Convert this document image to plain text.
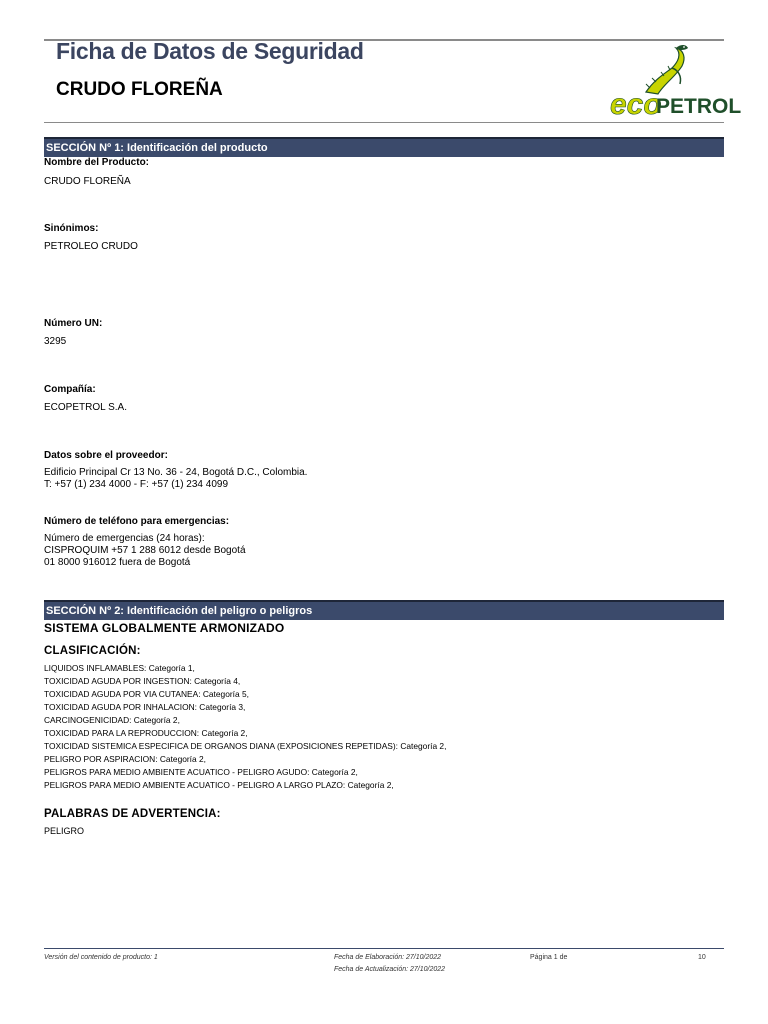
Ficha de Datos de Seguridad
CRUDO FLOREÑA	eco
PETROL
SECCIÓN Nº 1: Identificación del producto
Nombre del Producto:
CRUDO FLOREÑA
Sinónimos:
PETROLEO CRUDO
Número UN:
3295
Compañía:
ECOPETROL S.A.
Datos sobre el proveedor:
Edificio Principal Cr 13 No. 36 - 24, Bogotá D.C., Colombia.
T: +57 (1) 234 4000 - F: +57 (1) 234 4099
Número de teléfono para emergencias:
Número de emergencias (24 horas):
CISPROQUIM +57 1 288 6012 desde Bogotá
01 8000 916012 fuera de Bogotá
SECCIÓN Nº 2: Identificación del peligro o peligros
SISTEMA GLOBALMENTE ARMONIZADO
CLASIFICACIÓN:
LIQUIDOS INFLAMABLES: Categoría 1,
TOXICIDAD AGUDA POR INGESTION: Categoría 4,
TOXICIDAD AGUDA POR VIA CUTANEA: Categoría 5,
TOXICIDAD AGUDA POR INHALACION: Categoría 3,
CARCINOGENICIDAD: Categoría 2,
TOXICIDAD PARA LA REPRODUCCION: Categoría 2,
TOXICIDAD SISTEMICA ESPECIFICA DE ORGANOS DIANA (EXPOSICIONES REPETIDAS): Categoría 2,
PELIGRO POR ASPIRACION: Categoría 2,
PELIGROS PARA MEDIO AMBIENTE ACUATICO - PELIGRO AGUDO: Categoría 2,
PELIGROS PARA MEDIO AMBIENTE ACUATICO - PELIGRO A LARGO PLAZO: Categoría 2,
PALABRAS DE ADVERTENCIA:
PELIGRO
Versión del contenido de producto: 1	Fecha de Elaboración: 27/10/2022
Fecha de Actualización: 27/10/2022
Página 1 de	10
